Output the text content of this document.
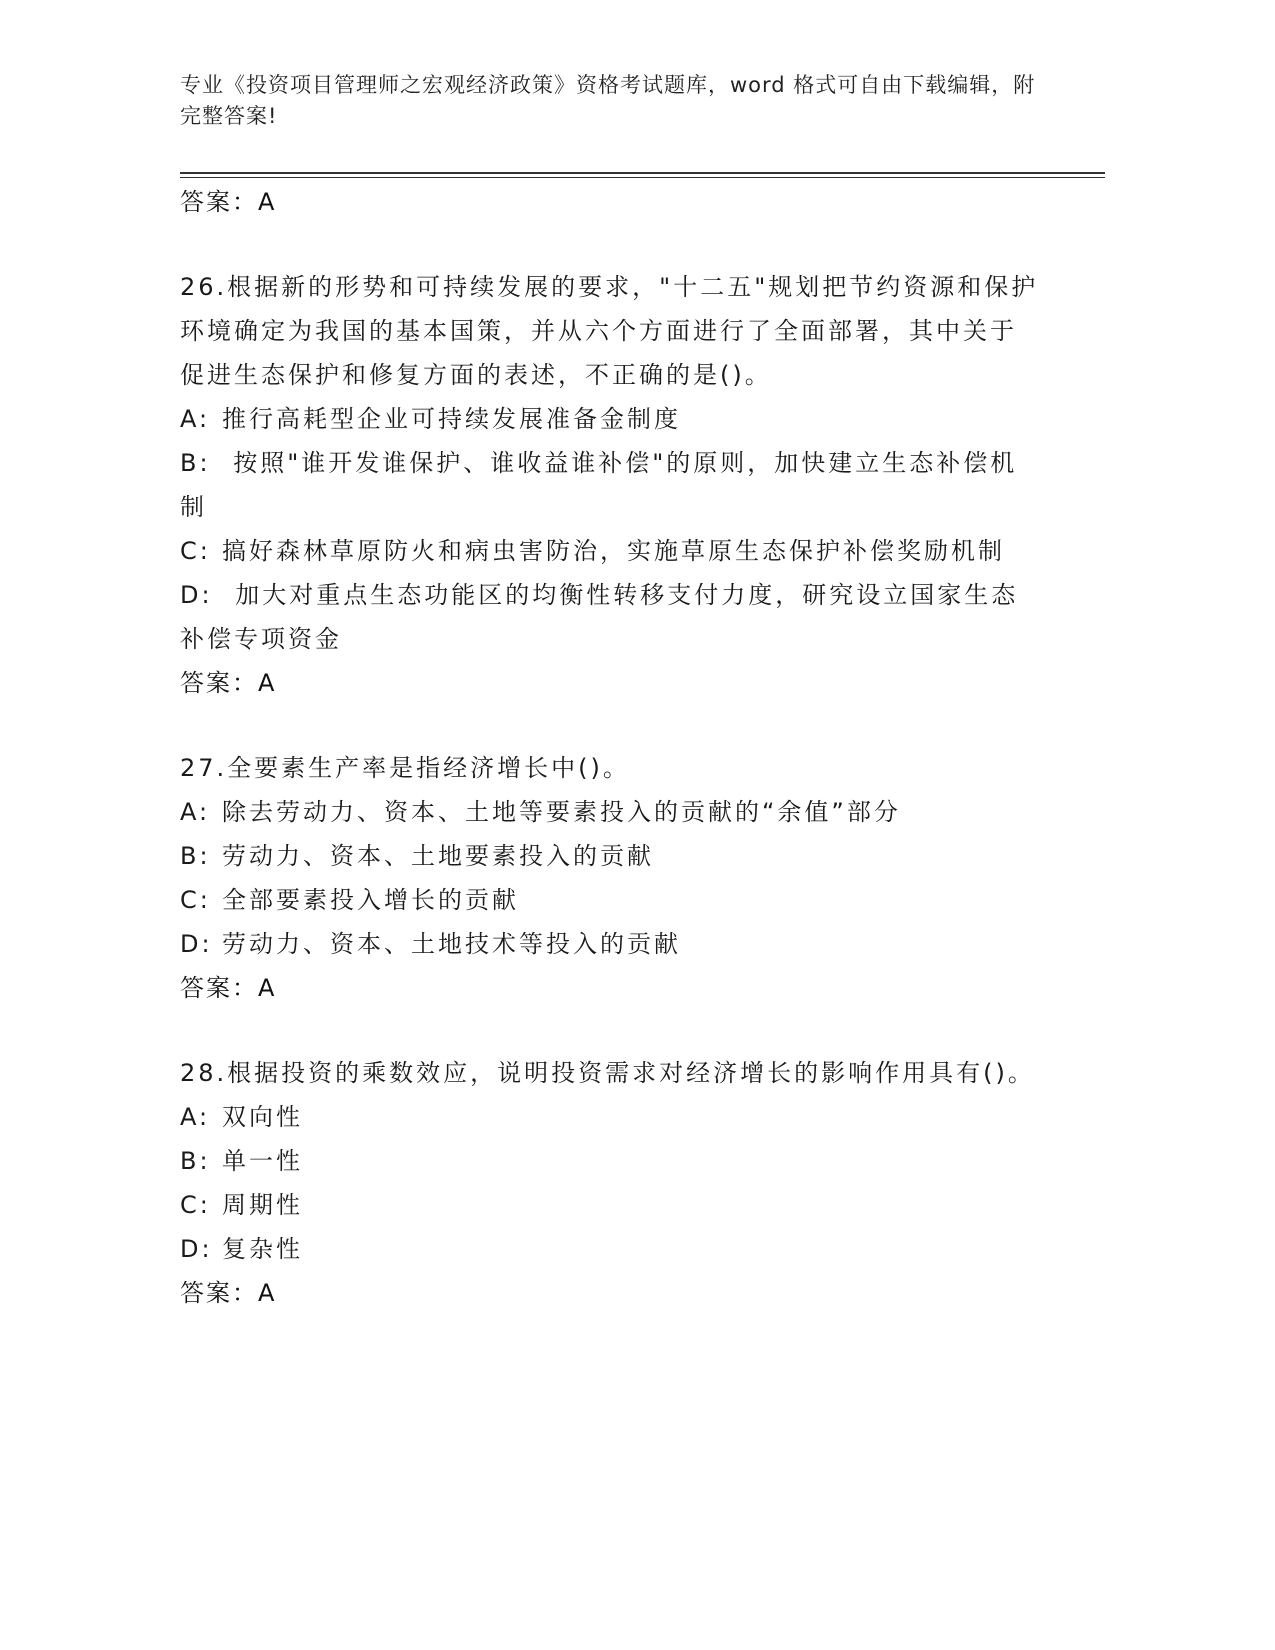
专业《投资项目管理师之宏观经济政策》资格考试题库，word 格式可自由下载编辑，附完整答案!
答案：A
26.根据新的形势和可持续发展的要求，"十二五"规划把节约资源和保护环境确定为我国的基本国策，并从六个方面进行了全面部署，其中关于促进生态保护和修复方面的表述，不正确的是()。
A: 推行高耗型企业可持续发展准备金制度
B: 按照"谁开发谁保护、谁收益谁补偿"的原则，加快建立生态补偿机制
C: 搞好森林草原防火和病虫害防治，实施草原生态保护补偿奖励机制
D: 加大对重点生态功能区的均衡性转移支付力度，研究设立国家生态补偿专项资金
答案：A
27.全要素生产率是指经济增长中()。
A: 除去劳动力、资本、土地等要素投入的贡献的“余值”部分
B: 劳动力、资本、土地要素投入的贡献
C: 全部要素投入增长的贡献
D: 劳动力、资本、土地技术等投入的贡献
答案：A
28.根据投资的乘数效应，说明投资需求对经济增长的影响作用具有()。
A: 双向性
B: 单一性
C: 周期性
D: 复杂性
答案：A
